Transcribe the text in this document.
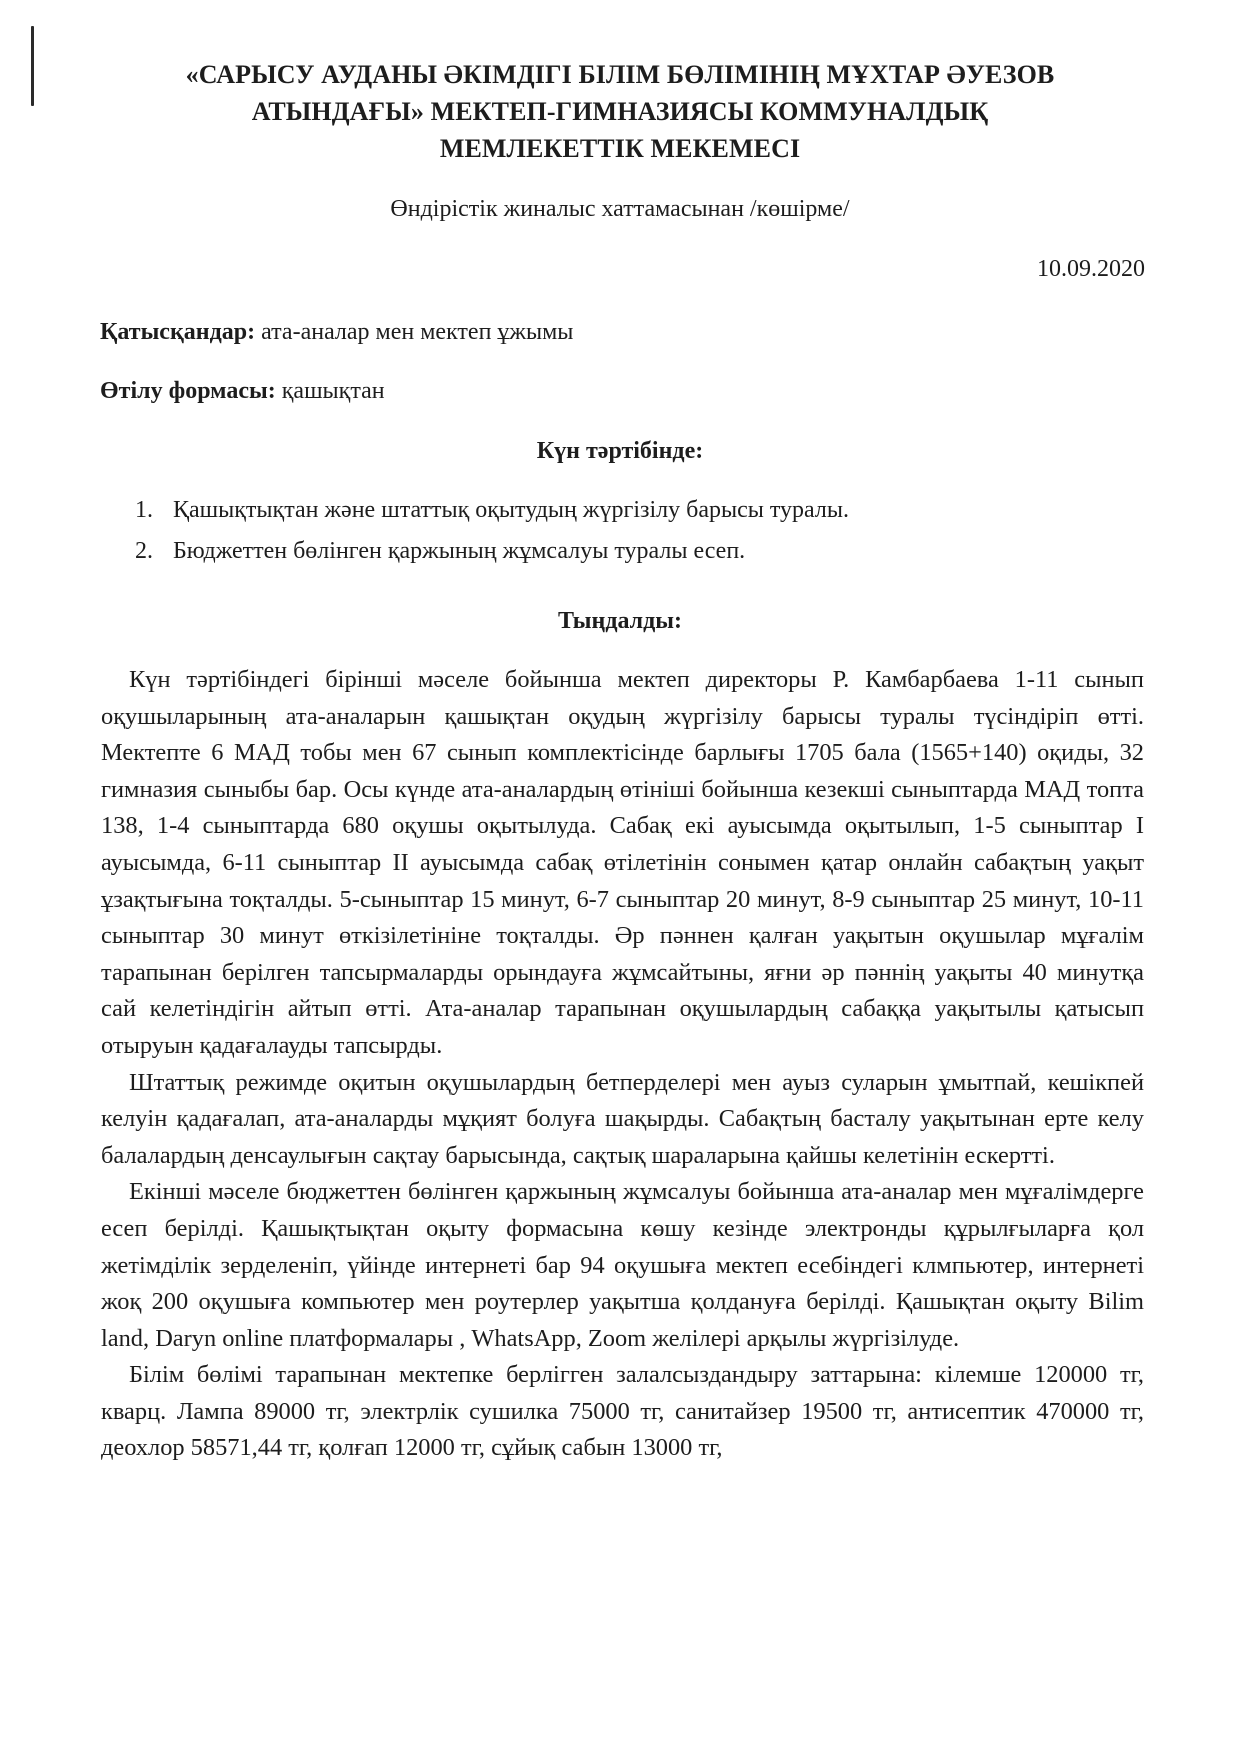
«САРЫСУ АУДАНЫ ӘКІМДІГІ БІЛІМ БӨЛІМІНІҢ МҰХТАР ӘУЕЗОВ
АТЫНДАҒЫ» МЕКТЕП-ГИМНАЗИЯСЫ КОММУНАЛДЫҚ
МЕМЛЕКЕТТІК МЕКЕМЕСІ
Өндірістік жиналыс хаттамасынан /көшірме/
10.09.2020
Қатысқандар: ата-аналар мен мектеп ұжымы
Өтілу формасы: қашықтан
Күн тәртібінде:
1. Қашықтықтан және штаттық оқытудың жүргізілу барысы туралы.
2. Бюджеттен бөлінген қаржының жұмсалуы туралы есеп.
Тыңдалды:

Күн тәртібіндегі бірінші мәселе бойынша мектеп директоры Р. Камбарбаева 1-11 сынып оқушыларының ата-аналарын қашықтан оқудың жүргізілу барысы туралы түсіндіріп өтті. Мектепте 6 МАД тобы мен 67 сынып комплектісінде барлығы 1705 бала (1565+140) оқиды, 32 гимназия сыныбы бар. Осы күнде ата-аналардың өтініші бойынша кезекші сыныптарда МАД топта 138, 1-4 сыныптарда 680 оқушы оқытылуда. Сабақ екі ауысымда оқытылып, 1-5 сыныптар І ауысымда, 6-11 сыныптар ІІ ауысымда сабақ өтілетінін сонымен қатар онлайн сабақтың уақыт ұзақтығына тоқталды. 5-сыныптар 15 минут, 6-7 сыныптар 20 минут, 8-9 сыныптар 25 минут, 10-11 сыныптар 30 минут өткізілетініне тоқталды. Әр пәннен қалған уақытын оқушылар мұғалім тарапынан берілген тапсырмаларды орындауға жұмсайтыны, яғни әр пәннің уақыты 40 минутқа сай келетіндігін айтып өтті. Ата-аналар тарапынан оқушылардың сабаққа уақытылы қатысып отыруын қадағалауды тапсырды.

Штаттық режимде оқитын оқушылардың бетперделері мен ауыз суларын ұмытпай, кешікпей келуін қадағалап, ата-аналарды мұқият болуға шақырды. Сабақтың басталу уақытынан ерте келу балалардың денсаулығын сақтау барысында, сақтық шараларына қайшы келетінін ескертті.

Екінші мәселе бюджеттен бөлінген қаржының жұмсалуы бойынша ата-аналар мен мұғалімдерге есеп берілді. Қашықтықтан оқыту формасына көшу кезінде электронды құрылғыларға қол жетімділік зерделеніп, үйінде интернеті бар 94 оқушыға мектеп есебіндегі клмпьютер, интернеті жоқ 200 оқушыға компьютер мен роутерлер уақытша қолдануға берілді. Қашықтан оқыту Bilim land, Daryn online платформалары , WhatsApp, Zoom желілері арқылы жүргізілуде.

Білім бөлімі тарапынан мектепке берлігген залалсыздандыру заттарына: кілемше 120000 тг, кварц. Лампа 89000 тг, электрлік сушилка 75000 тг, санитайзер 19500 тг, антисептик 470000 тг, деохлор 58571,44 тг, қолғап 12000 тг, сұйық сабын 13000 тг,
